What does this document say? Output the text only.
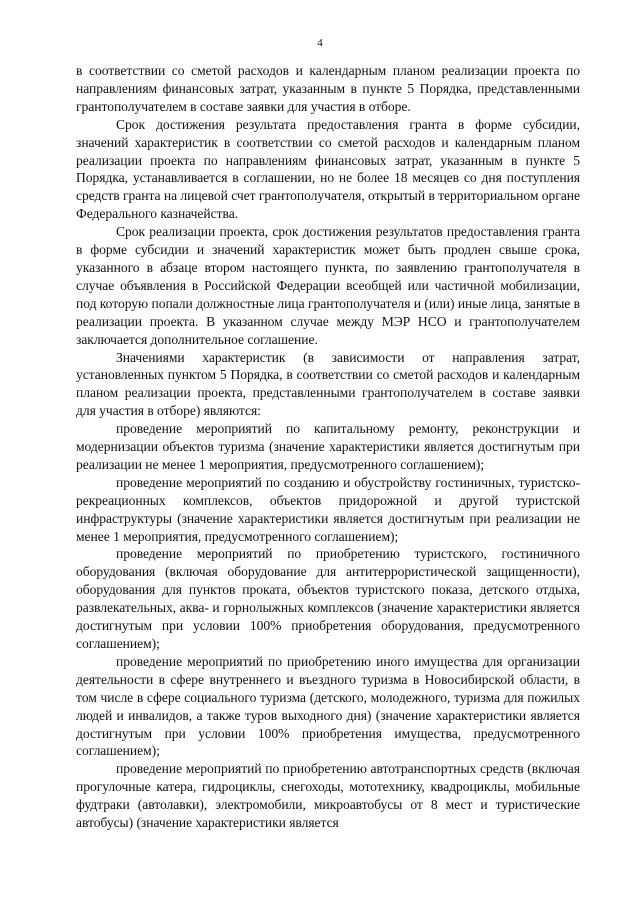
4

в соответствии со сметой расходов и календарным планом реализации проекта по направлениям финансовых затрат, указанным в пункте 5 Порядка, представленными грантополучателем в составе заявки для участия в отборе.

Срок достижения результата предоставления гранта в форме субсидии, значений характеристик в соответствии со сметой расходов и календарным планом реализации проекта по направлениям финансовых затрат, указанным в пункте 5 Порядка, устанавливается в соглашении, но не более 18 месяцев со дня поступления средств гранта на лицевой счет грантополучателя, открытый в территориальном органе Федерального казначейства.

Срок реализации проекта, срок достижения результатов предоставления гранта в форме субсидии и значений характеристик может быть продлен свыше срока, указанного в абзаце втором настоящего пункта, по заявлению грантополучателя в случае объявления в Российской Федерации всеобщей или частичной мобилизации, под которую попали должностные лица грантополучателя и (или) иные лица, занятые в реализации проекта. В указанном случае между МЭР НСО и грантополучателем заключается дополнительное соглашение.

Значениями характеристик (в зависимости от направления затрат, установленных пунктом 5 Порядка, в соответствии со сметой расходов и календарным планом реализации проекта, представленными грантополучателем в составе заявки для участия в отборе) являются:

проведение мероприятий по капитальному ремонту, реконструкции и модернизации объектов туризма (значение характеристики является достигнутым при реализации не менее 1 мероприятия, предусмотренного соглашением);

проведение мероприятий по созданию и обустройству гостиничных, туристско-рекреационных комплексов, объектов придорожной и другой туристской инфраструктуры (значение характеристики является достигнутым при реализации не менее 1 мероприятия, предусмотренного соглашением);

проведение мероприятий по приобретению туристского, гостиничного оборудования (включая оборудование для антитеррористической защищенности), оборудования для пунктов проката, объектов туристского показа, детского отдыха, развлекательных, аква- и горнолыжных комплексов (значение характеристики является достигнутым при условии 100% приобретения оборудования, предусмотренного соглашением);

проведение мероприятий по приобретению иного имущества для организации деятельности в сфере внутреннего и въездного туризма в Новосибирской области, в том числе в сфере социального туризма (детского, молодежного, туризма для пожилых людей и инвалидов, а также туров выходного дня) (значение характеристики является достигнутым при условии 100% приобретения имущества, предусмотренного соглашением);

проведение мероприятий по приобретению автотранспортных средств (включая прогулочные катера, гидроциклы, снегоходы, мототехнику, квадроциклы, мобильные фудтраки (автолавки), электромобили, микроавтобусы от 8 мест и туристические автобусы) (значение характеристики является
